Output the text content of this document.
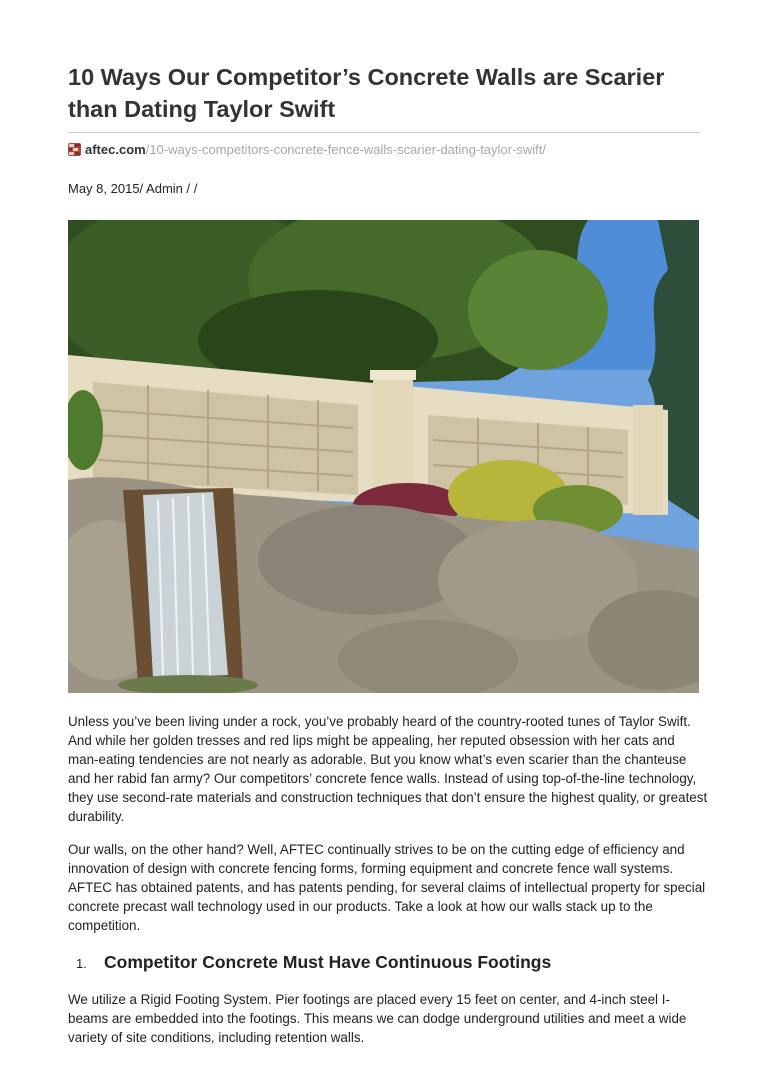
10 Ways Our Competitor’s Concrete Walls are Scarier than Dating Taylor Swift
aftec.com/10-ways-competitors-concrete-fence-walls-scarier-dating-taylor-swift/
May 8, 2015/ Admin / /

Unless you’ve been living under a rock, you’ve probably heard of the country-rooted tunes of Taylor Swift. And while her golden tresses and red lips might be appealing, her reputed obsession with her cats and man-eating tendencies are not nearly as adorable. But you know what’s even scarier than the chanteuse and her rabid fan army? Our competitors’ concrete fence walls. Instead of using top-of-the-line technology, they use second-rate materials and construction techniques that don’t ensure the highest quality, or greatest durability.

Our walls, on the other hand? Well, AFTEC continually strives to be on the cutting edge of efficiency and innovation of design with concrete fencing forms, forming equipment and concrete fence wall systems. AFTEC has obtained patents, and has patents pending, for several claims of intellectual property for special concrete precast wall technology used in our products. Take a look at how our walls stack up to the competition.

1. Competitor Concrete Must Have Continuous Footings

We utilize a Rigid Footing System. Pier footings are placed every 15 feet on center, and 4-inch steel I-beams are embedded into the footings. This means we can dodge underground utilities and meet a wide variety of site conditions, including retention walls.
